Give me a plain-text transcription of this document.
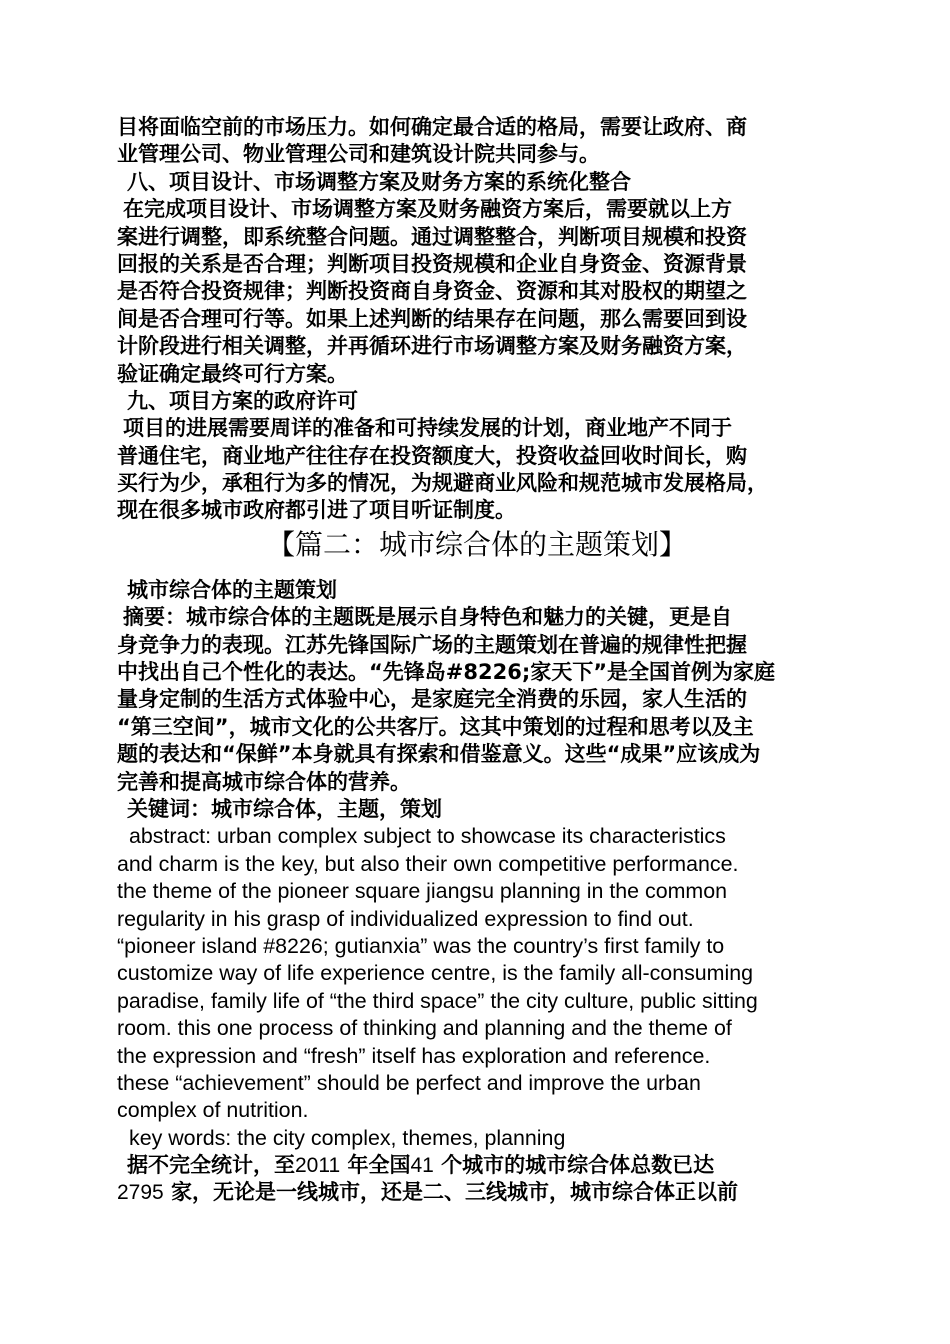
目将面临空前的市场压力。如何确定最合适的格局，需要让政府、商
业管理公司、物业管理公司和建筑设计院共同参与。
八、项目设计、市场调整方案及财务方案的系统化整合
在完成项目设计、市场调整方案及财务融资方案后，需要就以上方
案进行调整，即系统整合问题。通过调整整合，判断项目规模和投资
回报的关系是否合理；判断项目投资规模和企业自身资金、资源背景
是否符合投资规律；判断投资商自身资金、资源和其对股权的期望之
间是否合理可行等。如果上述判断的结果存在问题，那么需要回到设
计阶段进行相关调整，并再循环进行市场调整方案及财务融资方案，
验证确定最终可行方案。
九、项目方案的政府许可
项目的进展需要周详的准备和可持续发展的计划，商业地产不同于
普通住宅，商业地产往往存在投资额度大，投资收益回收时间长，购
买行为少，承租行为多的情况，为规避商业风险和规范城市发展格局，
现在很多城市政府都引进了项目听证制度。
【篇二：城市综合体的主题策划】
城市综合体的主题策划
摘要：城市综合体的主题既是展示自身特色和魅力的关键，更是自
身竞争力的表现。江苏先锋国际广场的主题策划在普遍的规律性把握
中找出自己个性化的表达。“先锋岛#8226;家天下”是全国首例为家庭
量身定制的生活方式体验中心，是家庭完全消费的乐园，家人生活的
“第三空间”，城市文化的公共客厅。这其中策划的过程和思考以及主
题的表达和“保鲜”本身就具有探索和借鉴意义。这些“成果”应该成为
完善和提高城市综合体的营养。
关键词：城市综合体，主题，策划
abstract: urban complex subject to showcase its characteristics
and charm is the key, but also their own competitive performance.
the theme of the pioneer square jiangsu planning in the common
regularity in his grasp of individualized expression to find out.
“pioneer island #8226; gutianxia” was the country’s first family to
customize way of life experience centre, is the family all-consuming
paradise, family life of “the third space” the city culture, public sitting
room. this one process of thinking and planning and the theme of
the expression and “fresh” itself has exploration and reference.
these “achievement” should be perfect and improve the urban
complex of nutrition.
key words: the city complex, themes, planning
据不完全统计，至2011 年全国41 个城市的城市综合体总数已达
2795 家，无论是一线城市，还是二、三线城市，城市综合体正以前
